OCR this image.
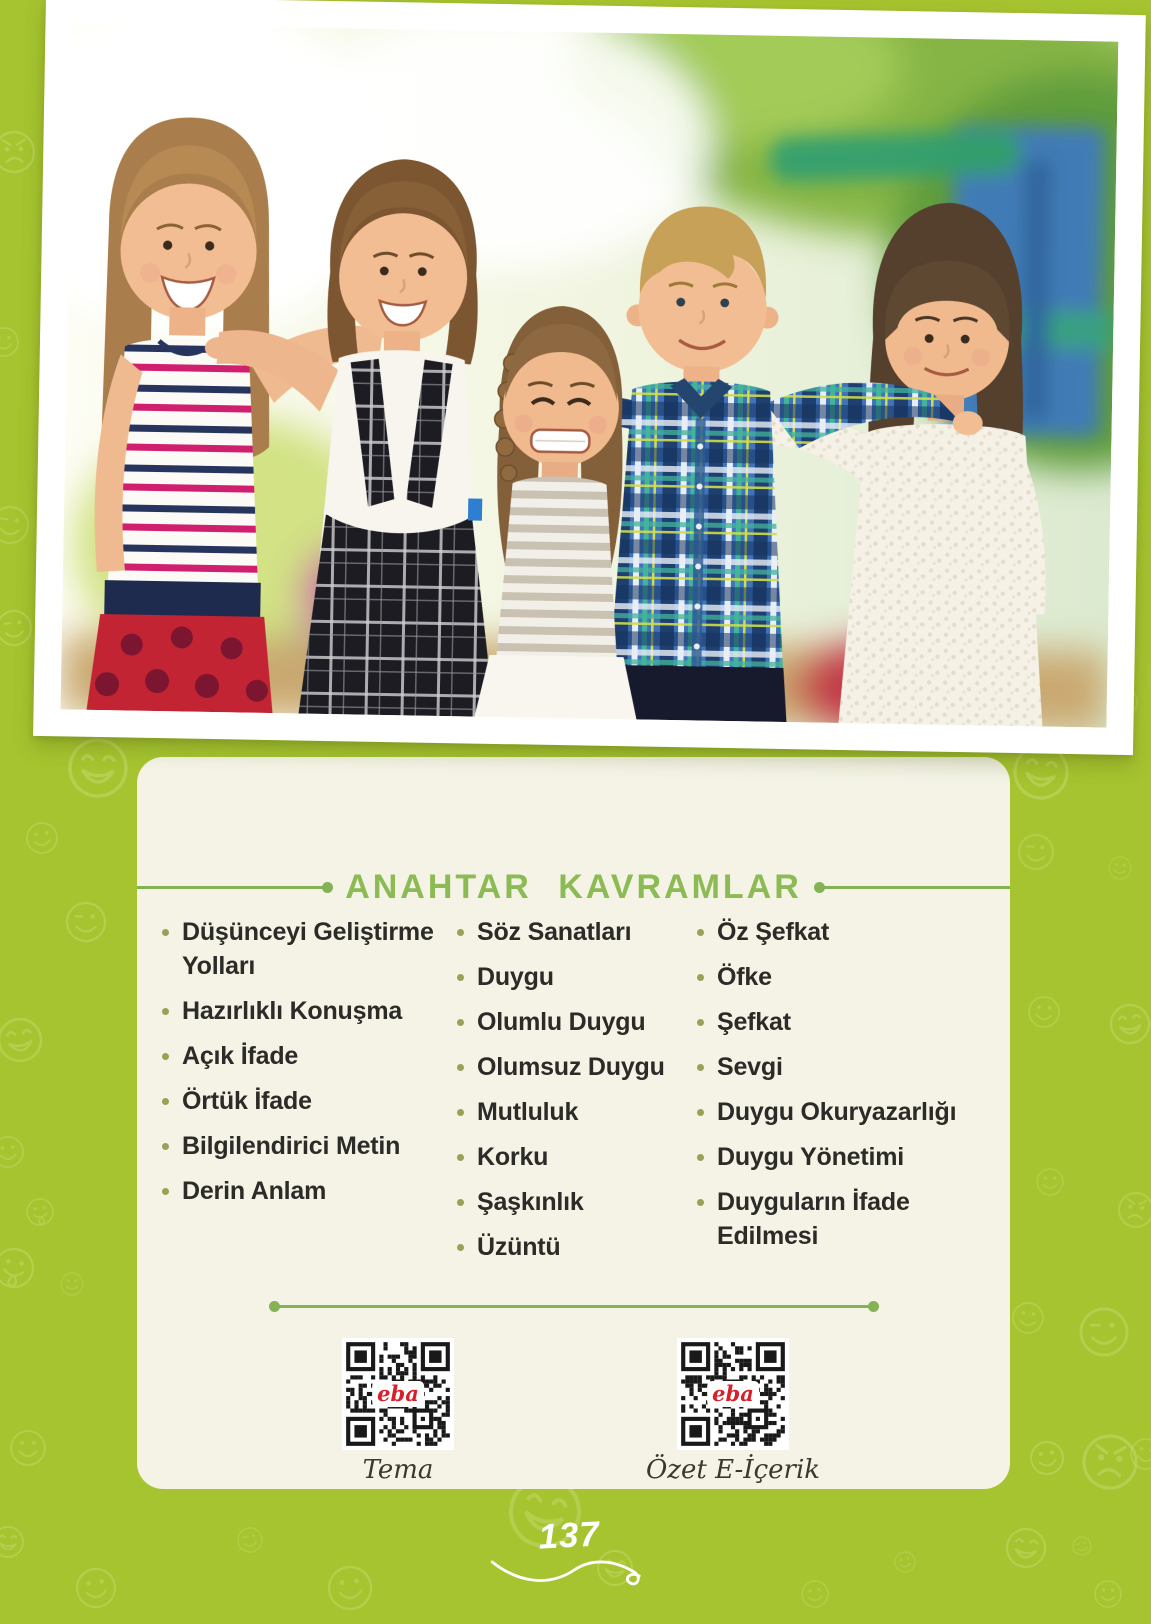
ANAHTAR KAVRAMLAR
Düşünceyi Geliştirme Yolları
Hazırlıklı Konuşma
Açık İfade
Örtük İfade
Bilgilendirici Metin
Derin Anlam
Söz Sanatları
Duygu
Olumlu Duygu
Olumsuz Duygu
Mutluluk
Korku
Şaşkınlık
Üzüntü
Öz Şefkat
Öfke
Şefkat
Sevgi
Duygu Okuryazarlığı
Duygu Yönetimi
Duyguların İfade Edilmesi
eba
Tema
eba
Özet E-İçerik
137
